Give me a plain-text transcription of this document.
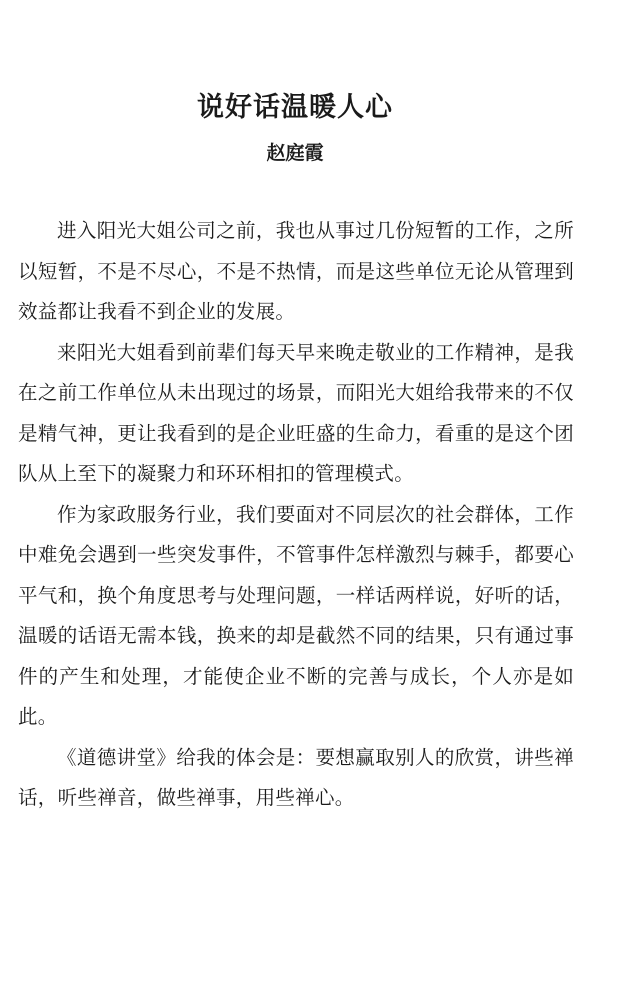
说好话温暖人心
赵庭霞

进入阳光大姐公司之前，我也从事过几份短暂的工作，之所以短暂，不是不尽心，不是不热情，而是这些单位无论从管理到效益都让我看不到企业的发展。

来阳光大姐看到前辈们每天早来晚走敬业的工作精神，是我在之前工作单位从未出现过的场景，而阳光大姐给我带来的不仅是精气神，更让我看到的是企业旺盛的生命力，看重的是这个团队从上至下的凝聚力和环环相扣的管理模式。

作为家政服务行业，我们要面对不同层次的社会群体，工作中难免会遇到一些突发事件，不管事件怎样激烈与棘手，都要心平气和，换个角度思考与处理问题，一样话两样说，好听的话，温暖的话语无需本钱，换来的却是截然不同的结果，只有通过事件的产生和处理，才能使企业不断的完善与成长，个人亦是如此。

《道德讲堂》给我的体会是：要想赢取别人的欣赏，讲些禅话，听些禅音，做些禅事，用些禅心。
